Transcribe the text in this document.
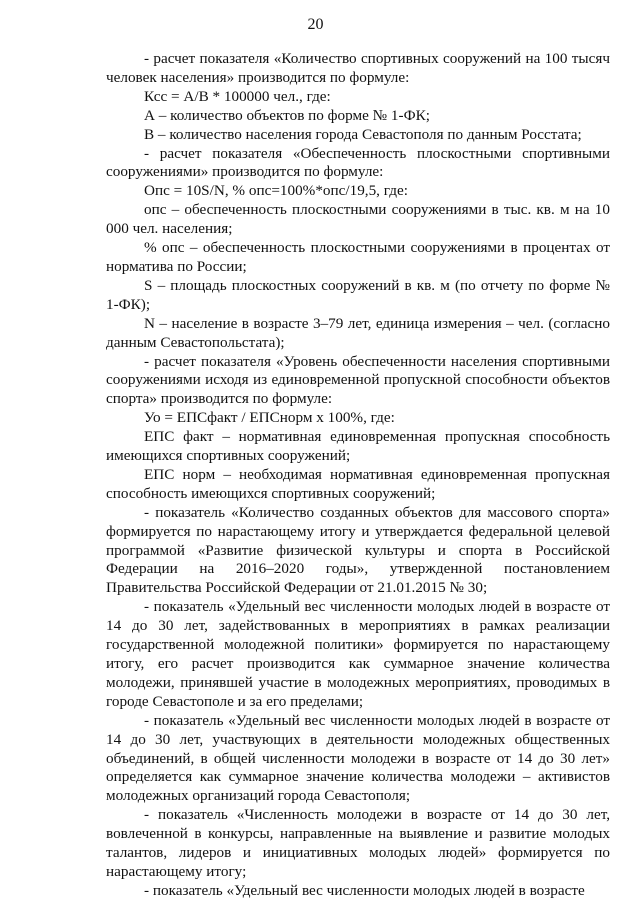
20

- расчет показателя «Количество спортивных сооружений на 100 тысяч человек населения» производится по формуле:

Ксс = А/В * 100000 чел., где:

А – количество объектов по форме № 1-ФК;

В – количество населения города Севастополя по данным Росстата;

- расчет показателя «Обеспеченность плоскостными спортивными сооружениями» производится по формуле:

Опс = 10S/N, % опс=100%*опс/19,5, где:

опс – обеспеченность плоскостными сооружениями в тыс. кв. м на 10 000 чел. населения;

% опс – обеспеченность плоскостными сооружениями в процентах от норматива по России;

S – площадь плоскостных сооружений в кв. м (по отчету по форме № 1-ФК);

N – население в возрасте 3–79 лет, единица измерения – чел. (согласно данным Севастопольстата);

- расчет показателя «Уровень обеспеченности населения спортивными сооружениями исходя из единовременной пропускной способности объектов спорта» производится по формуле:

Уо = ЕПСфакт / ЕПСнорм х 100%, где:

ЕПС факт – нормативная единовременная пропускная способность имеющихся спортивных сооружений;

ЕПС норм – необходимая нормативная единовременная пропускная способность имеющихся спортивных сооружений;

- показатель «Количество созданных объектов для массового спорта» формируется по нарастающему итогу и утверждается федеральной целевой программой «Развитие физической культуры и спорта в Российской Федерации на 2016–2020 годы», утвержденной постановлением Правительства Российской Федерации от 21.01.2015 № 30;

- показатель «Удельный вес численности молодых людей в возрасте от 14 до 30 лет, задействованных в мероприятиях в рамках реализации государственной молодежной политики» формируется по нарастающему итогу, его расчет производится как суммарное значение количества молодежи, принявшей участие в молодежных мероприятиях, проводимых в городе Севастополе и за его пределами;

- показатель «Удельный вес численности молодых людей в возрасте от 14 до 30 лет, участвующих в деятельности молодежных общественных объединений, в общей численности молодежи в возрасте от 14 до 30 лет» определяется как суммарное значение количества молодежи – активистов молодежных организаций города Севастополя;

- показатель «Численность молодежи в возрасте от 14 до 30 лет, вовлеченной в конкурсы, направленные на выявление и развитие молодых талантов, лидеров и инициативных молодых людей» формируется по нарастающему итогу;

- показатель «Удельный вес численности молодых людей в возрасте
